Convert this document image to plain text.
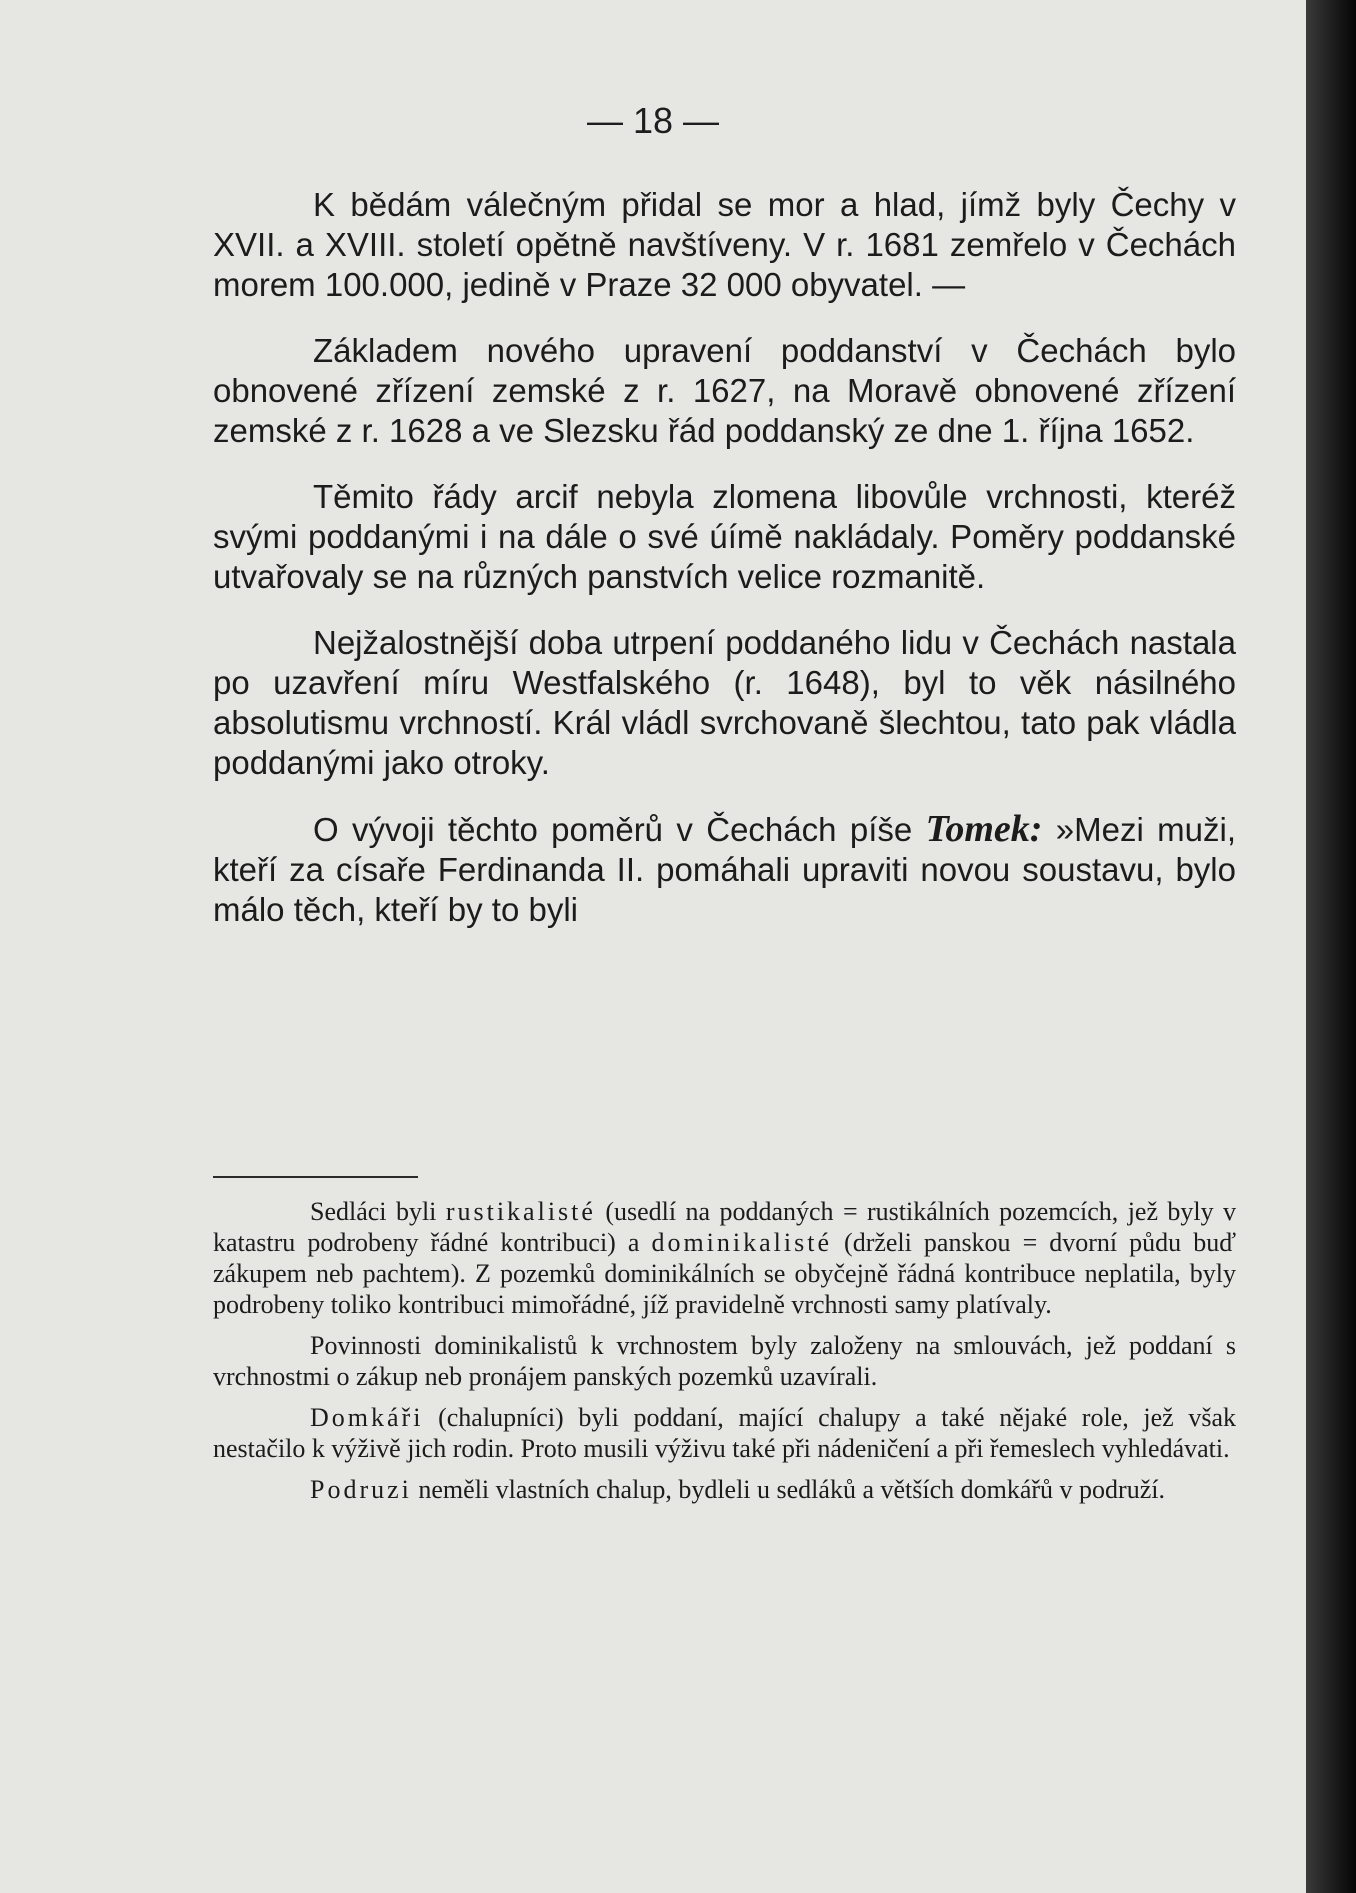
— 18 —

K bědám válečným přidal se mor a hlad, jímž byly Čechy v XVII. a XVIII. století opětně navštíveny. V r. 1681 zemřelo v Čechách morem 100.000, jedině v Praze 32 000 obyvatel. —

Základem nového upravení poddanství v Čechách bylo obnovené zřízení zemské z r. 1627, na Moravě obnovené zřízení zemské z r. 1628 a ve Slezsku řád poddanský ze dne 1. října 1652.

Těmito řády arcif nebyla zlomena libovůle vrchnosti, kteréž svými poddanými i na dále o své úímě nakládaly. Poměry poddanské utvařovaly se na různých panstvích velice rozmanitě.

Nejžalostnější doba utrpení poddaného lidu v Čechách nastala po uzavření míru Westfalského (r. 1648), byl to věk násilného absolutismu vrchností. Král vládl svrchovaně šlechtou, tato pak vládla poddanými jako otroky.

O vývoji těchto poměrů v Čechách píše Tomek: »Mezi muži, kteří za císaře Ferdinanda II. pomáhali upraviti novou soustavu, bylo málo těch, kteří by to byli

Sedláci byli rustikalisté (usedlí na poddaných = rustikálních pozemcích, jež byly v katastru podrobeny řádné kontribuci) a dominikalisté (drželi panskou = dvorní půdu buď zákupem neb pachtem). Z pozemků dominikálních se obyčejně řádná kontribuce neplatila, byly podrobeny toliko kontribuci mimořádné, jíž pravidelně vrchnosti samy platívaly.

Povinnosti dominikalistů k vrchnostem byly založeny na smlouvách, jež poddaní s vrchnostmi o zákup neb pronájem panských pozemků uzavírali.

Domkáři (chalupníci) byli poddaní, mající chalupy a také nějaké role, jež však nestačilo k výživě jich rodin. Proto musili výživu také při nádeničení a při řemeslech vyhledávati.

Podruzi neměli vlastních chalup, bydleli u sedláků a větších domkářů v podruží.
